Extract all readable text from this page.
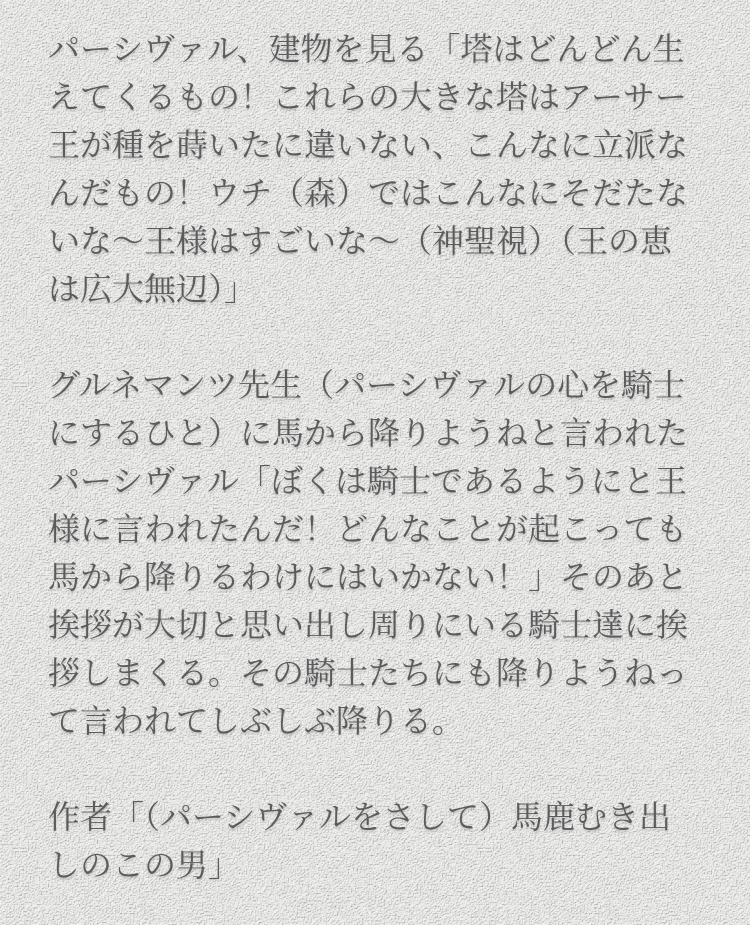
パーシヴァル、建物を見る「塔はどんどん生
えてくるもの！これらの大きな塔はアーサー
王が種を蒔いたに違いない、こんなに立派な
んだもの！ウチ（森）ではこんなにそだたな
いな〜王様はすごいな〜（神聖視）（王の恵
は広大無辺）」

グルネマンツ先生（パーシヴァルの心を騎士
にするひと）に馬から降りようねと言われた
パーシヴァル「ぼくは騎士であるようにと王
様に言われたんだ！どんなことが起こっても
馬から降りるわけにはいかない！」そのあと
挨拶が大切と思い出し周りにいる騎士達に挨
拶しまくる。その騎士たちにも降りようねっ
て言われてしぶしぶ降りる。

作者「（パーシヴァルをさして）馬鹿むき出
しのこの男」
